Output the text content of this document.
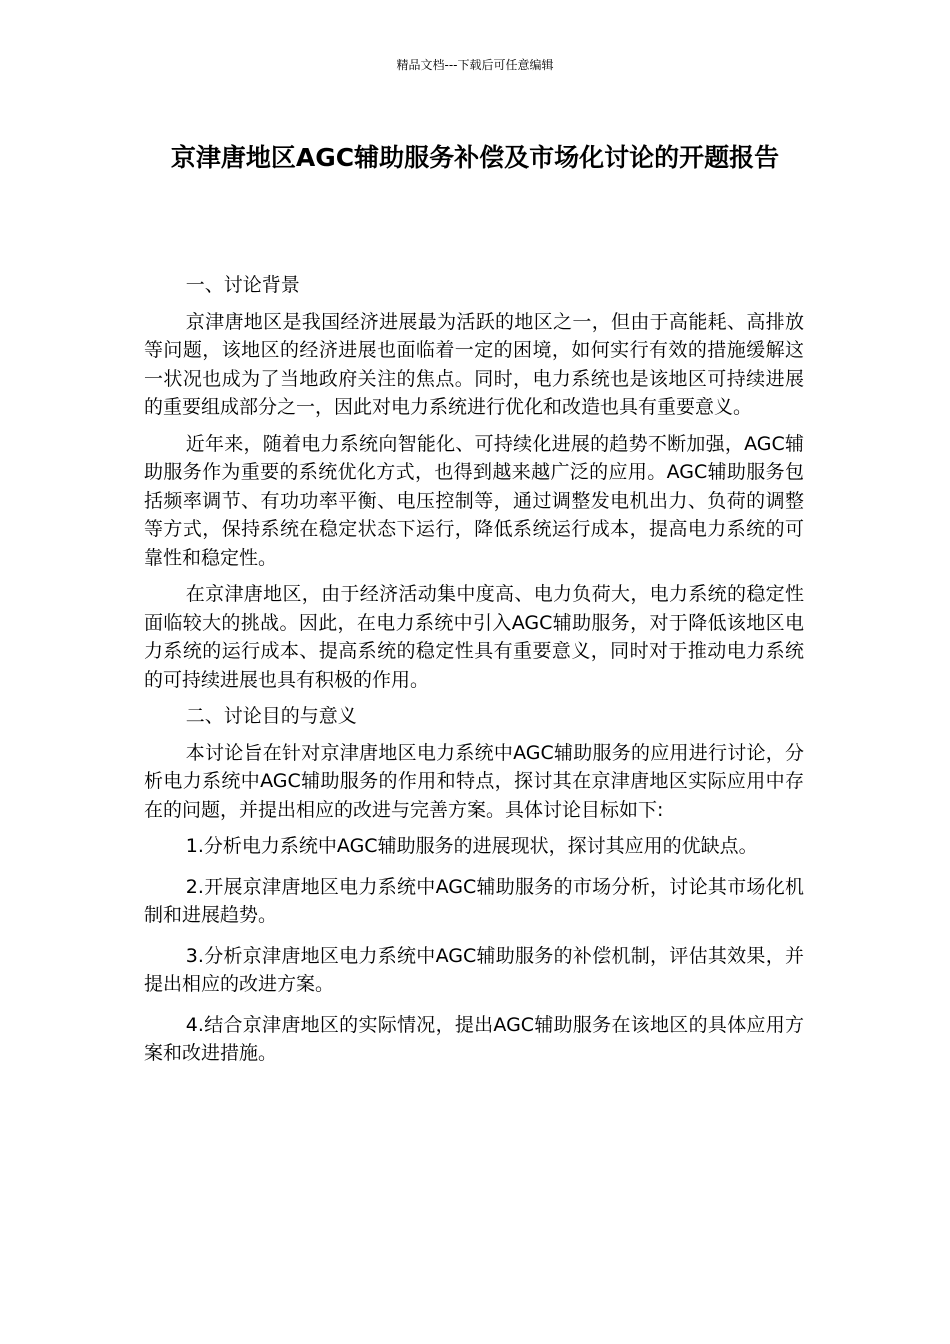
精品文档---下载后可任意编辑
京津唐地区AGC辅助服务补偿及市场化讨论的开题报告

一、讨论背景

京津唐地区是我国经济进展最为活跃的地区之一，但由于高能耗、高排放等问题，该地区的经济进展也面临着一定的困境，如何实行有效的措施缓解这一状况也成为了当地政府关注的焦点。同时，电力系统也是该地区可持续进展的重要组成部分之一，因此对电力系统进行优化和改造也具有重要意义。

近年来，随着电力系统向智能化、可持续化进展的趋势不断加强，AGC辅助服务作为重要的系统优化方式，也得到越来越广泛的应用。AGC辅助服务包括频率调节、有功功率平衡、电压控制等，通过调整发电机出力、负荷的调整等方式，保持系统在稳定状态下运行，降低系统运行成本，提高电力系统的可靠性和稳定性。

在京津唐地区，由于经济活动集中度高、电力负荷大，电力系统的稳定性面临较大的挑战。因此，在电力系统中引入AGC辅助服务，对于降低该地区电力系统的运行成本、提高系统的稳定性具有重要意义，同时对于推动电力系统的可持续进展也具有积极的作用。

二、讨论目的与意义

本讨论旨在针对京津唐地区电力系统中AGC辅助服务的应用进行讨论，分析电力系统中AGC辅助服务的作用和特点，探讨其在京津唐地区实际应用中存在的问题，并提出相应的改进与完善方案。具体讨论目标如下:

1.分析电力系统中AGC辅助服务的进展现状，探讨其应用的优缺点。

2.开展京津唐地区电力系统中AGC辅助服务的市场分析，讨论其市场化机制和进展趋势。

3.分析京津唐地区电力系统中AGC辅助服务的补偿机制，评估其效果，并提出相应的改进方案。

4.结合京津唐地区的实际情况，提出AGC辅助服务在该地区的具体应用方案和改进措施。
